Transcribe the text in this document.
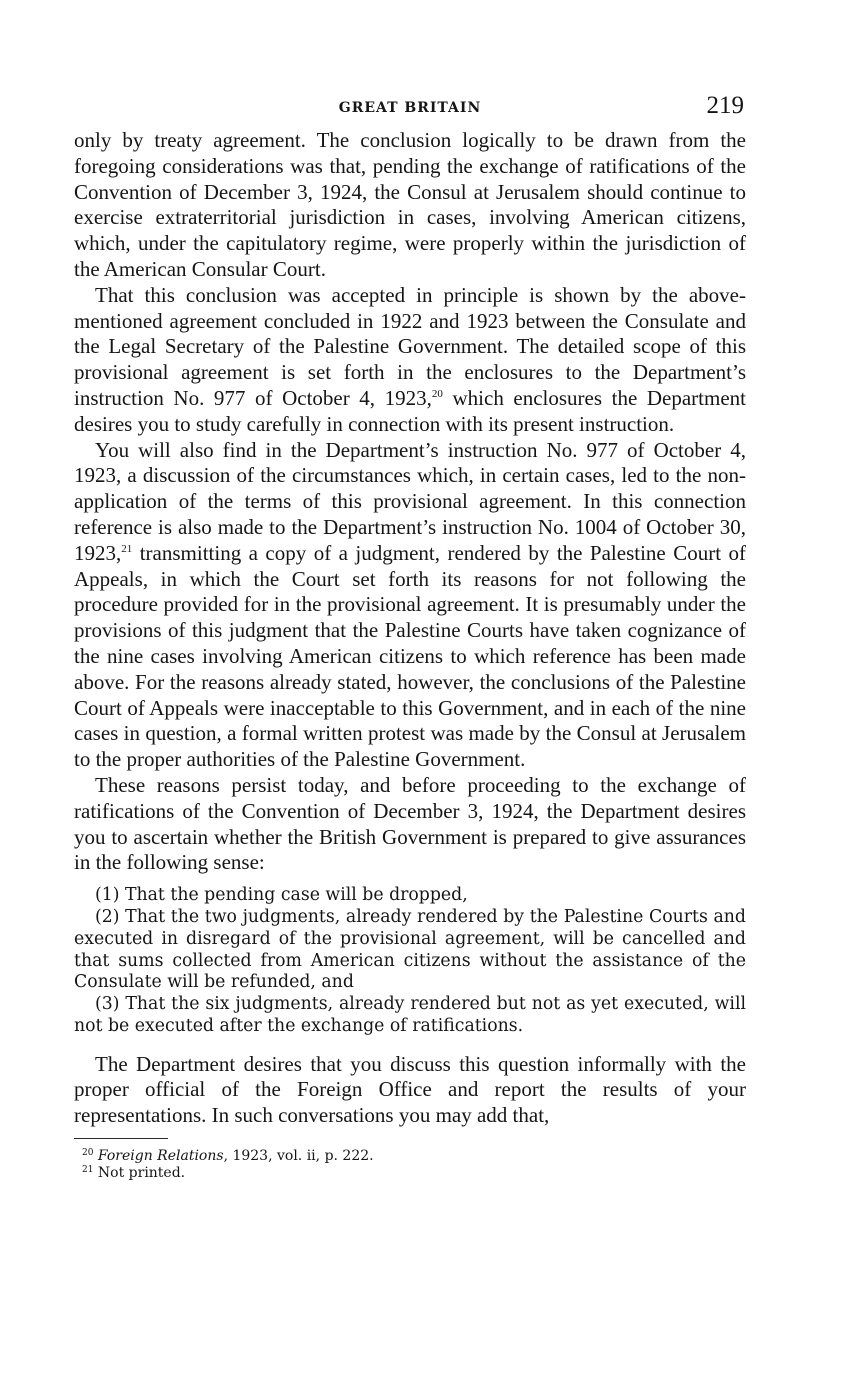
GREAT BRITAIN	219

only by treaty agreement. The conclusion logically to be drawn from the foregoing considerations was that, pending the exchange of ratifications of the Convention of December 3, 1924, the Consul at Jerusalem should continue to exercise extraterritorial jurisdiction in cases, involving American citizens, which, under the capitulatory regime, were properly within the jurisdiction of the American Consular Court.

That this conclusion was accepted in principle is shown by the above-mentioned agreement concluded in 1922 and 1923 between the Consulate and the Legal Secretary of the Palestine Government. The detailed scope of this provisional agreement is set forth in the enclosures to the Department’s instruction No. 977 of October 4, 1923,20 which enclosures the Department desires you to study carefully in connection with its present instruction.

You will also find in the Department’s instruction No. 977 of October 4, 1923, a discussion of the circumstances which, in certain cases, led to the non-application of the terms of this provisional agreement. In this connection reference is also made to the Department’s instruction No. 1004 of October 30, 1923,21 transmitting a copy of a judgment, rendered by the Palestine Court of Appeals, in which the Court set forth its reasons for not following the procedure provided for in the provisional agreement. It is presumably under the provisions of this judgment that the Palestine Courts have taken cognizance of the nine cases involving American citizens to which reference has been made above. For the reasons already stated, however, the conclusions of the Palestine Court of Appeals were inacceptable to this Government, and in each of the nine cases in question, a formal written protest was made by the Consul at Jerusalem to the proper authorities of the Palestine Government.

These reasons persist today, and before proceeding to the exchange of ratifications of the Convention of December 3, 1924, the Department desires you to ascertain whether the British Government is prepared to give assurances in the following sense:

(1) That the pending case will be dropped,

(2) That the two judgments, already rendered by the Palestine Courts and executed in disregard of the provisional agreement, will be cancelled and that sums collected from American citizens without the assistance of the Consulate will be refunded, and

(3) That the six judgments, already rendered but not as yet executed, will not be executed after the exchange of ratifications.

The Department desires that you discuss this question informally with the proper official of the Foreign Office and report the results of your representations. In such conversations you may add that,

$^{20}$ Foreign Relations, 1923, vol. ii, p. 222.
$^{21}$ Not printed.
